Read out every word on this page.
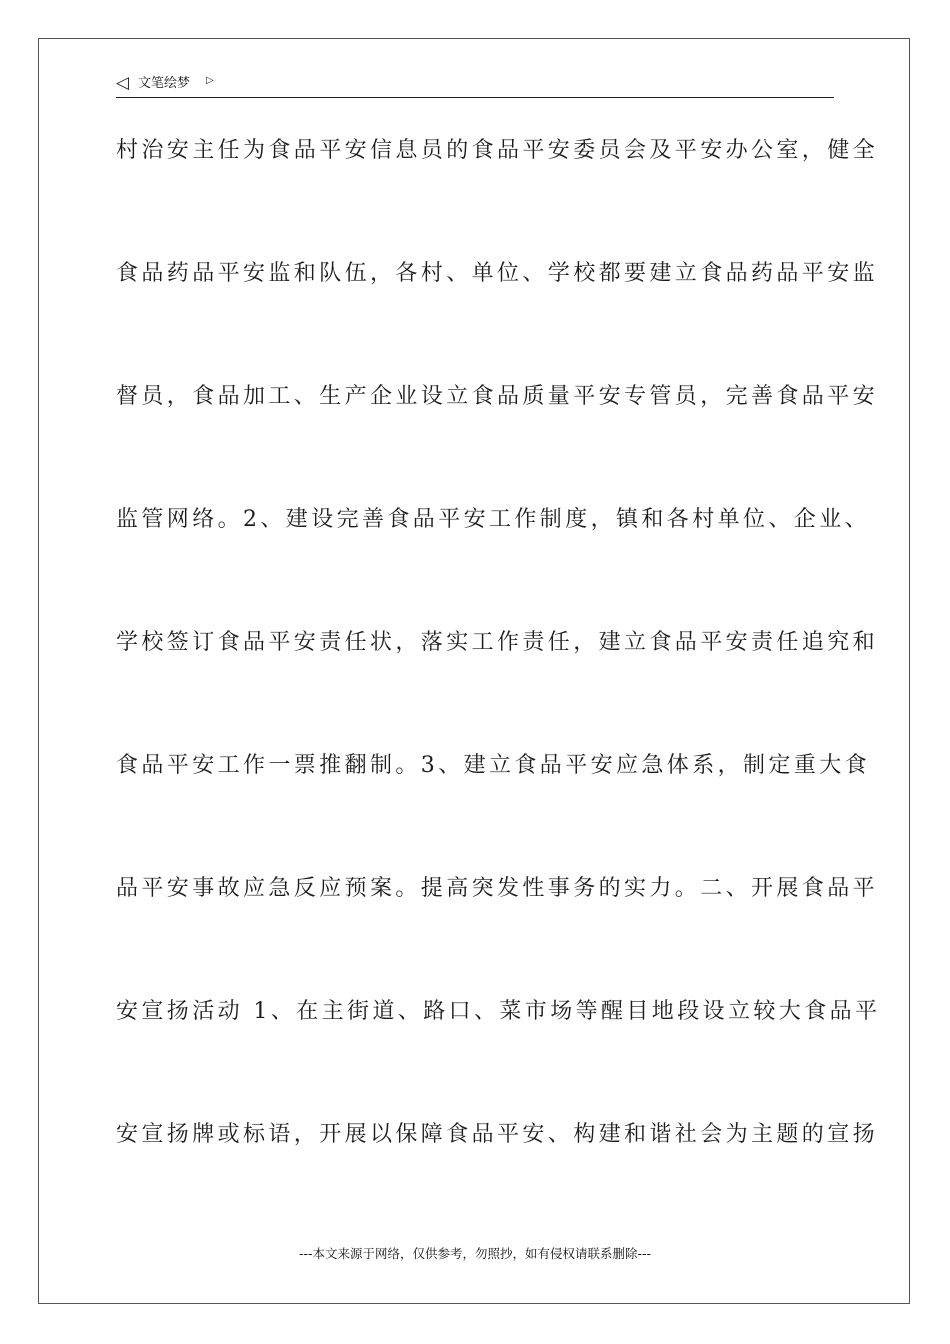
◁ 文笔绘梦 ▷
村治安主任为食品平安信息员的食品平安委员会及平安办公室，健全
食品药品平安监和队伍，各村、单位、学校都要建立食品药品平安监
督员，食品加工、生产企业设立食品质量平安专管员，完善食品平安
监管网络。2、建设完善食品平安工作制度，镇和各村单位、企业、
学校签订食品平安责任状，落实工作责任，建立食品平安责任追究和
食品平安工作一票推翻制。3、建立食品平安应急体系，制定重大食
品平安事故应急反应预案。提高突发性事务的实力。二、开展食品平
安宣扬活动 1、在主街道、路口、菜市场等醒目地段设立较大食品平
安宣扬牌或标语，开展以保障食品平安、构建和谐社会为主题的宣扬
---本文来源于网络，仅供参考，勿照抄，如有侵权请联系删除---
